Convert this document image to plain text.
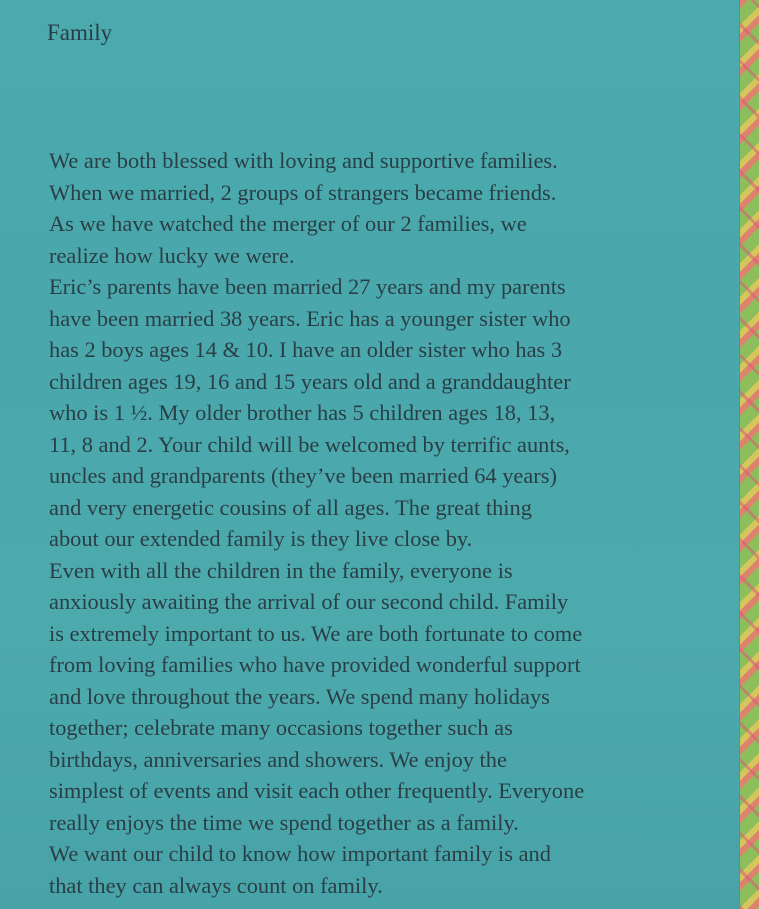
Family

We are both blessed with loving and supportive families.
When we married, 2 groups of strangers became friends.
As we have watched the merger of our 2 families, we
realize how lucky we were.
Eric’s parents have been married 27 years and my parents
have been married 38 years. Eric has a younger sister who
has 2 boys ages 14 & 10. I have an older sister who has 3
children ages 19, 16 and 15 years old and a granddaughter
who is 1 ½. My older brother has 5 children ages 18, 13,
11, 8 and 2. Your child will be welcomed by terrific aunts,
uncles and grandparents (they’ve been married 64 years)
and very energetic cousins of all ages. The great thing
about our extended family is they live close by.
Even with all the children in the family, everyone is
anxiously awaiting the arrival of our second child. Family
is extremely important to us. We are both fortunate to come
from loving families who have provided wonderful support
and love throughout the years. We spend many holidays
together; celebrate many occasions together such as
birthdays, anniversaries and showers. We enjoy the
simplest of events and visit each other frequently. Everyone
really enjoys the time we spend together as a family.
We want our child to know how important family is and
that they can always count on family.
